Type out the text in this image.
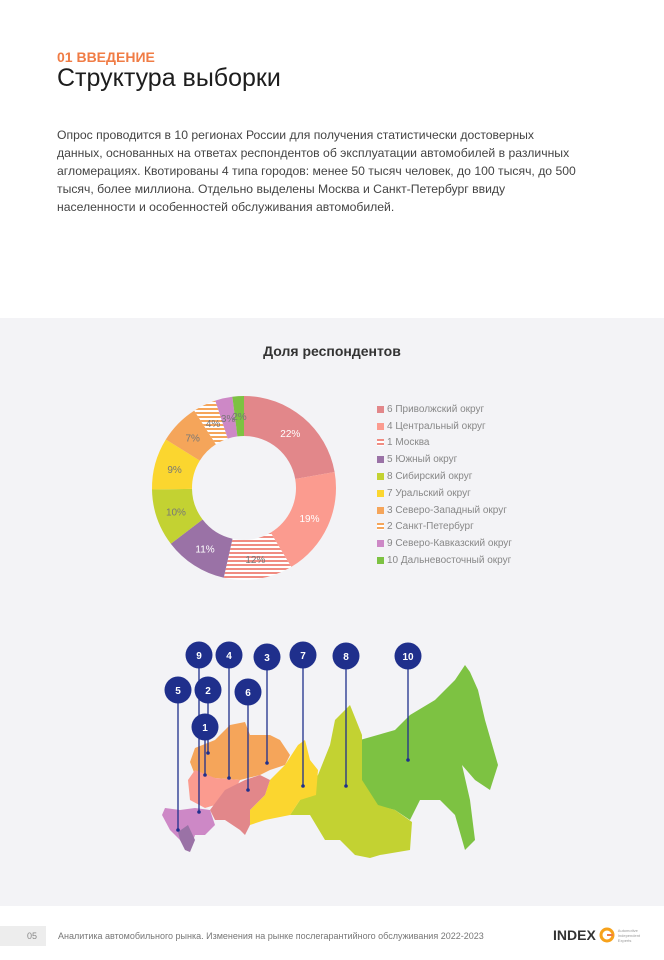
01 ВВЕДЕНИЕ
Структура выборки

Опрос проводится в 10 регионах России для получения статистически достоверных данных, основанных на ответах респондентов об эксплуатации автомобилей в различных агломерациях. Квотированы 4 типа городов: менее 50 тысяч человек, до 100 тысяч, до 500 тысяч, более миллиона. Отдельно выделены Москва и Санкт-Петербург ввиду населенности и особенностей обслуживания автомобилей.

Доля респондентов
22%
19%
12%
11%
10%
9%
7%
4% 3%
2%
6 Приволжский округ
4 Центральный округ
1 Москва
5 Южный округ
8 Сибирский округ
7 Уральский округ
3 Северо-Западный округ
2 Санкт-Петербург
9 Северо-Кавказский округ
10 Дальневосточный округ
9 4	3	7	8	10
5 2	6
1
05 Аналитика автомобильного рынка. Изменения на рынке послегарантийного обслуживания 2022-2023	INDEX	Automotive Independent Experts
